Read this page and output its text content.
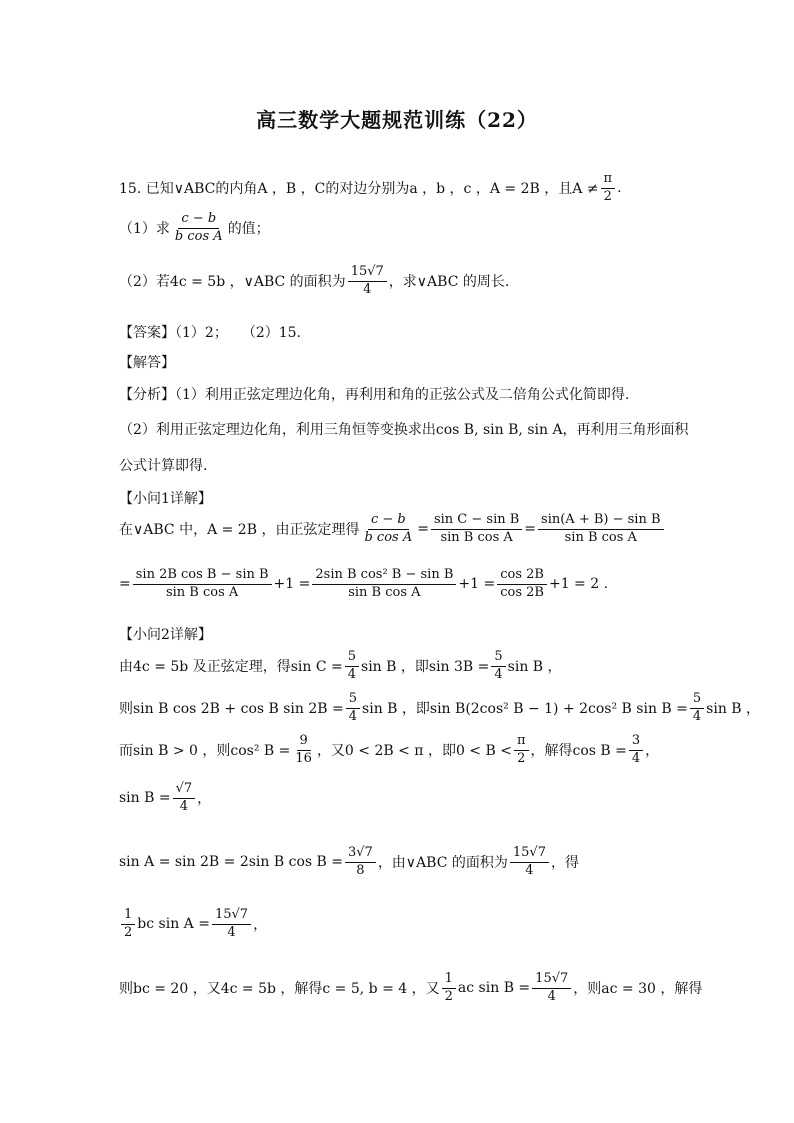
高三数学大题规范训练（22）
15. 已知∨ABC的内角A ，B ，C的对边分别为a ，b ，c ，A = 2B ，且$A \ne \frac{\pi}{2}$ .
（1）求 $\frac{c - b}{\text{b cos A}}$ 的值；
（2）若4c = 5b ，∨ABC 的面积为 $\frac{15√7}{4}$ ，求∨ABC 的周长.
【答案】（1）2；　　（2）15.
【解答】
【分析】（1）利用正弦定理边化角，再利用和角的正弦公式及二倍角公式化简即得.
（2）利用正弦定理边化角，利用三角恒等变换求出cos B, sin B, sin A，再利用三角形面积
公式计算即得.
【小问1详解】
在∨ABC 中，A = 2B ，由正弦定理得 $\frac{c - b}{\text{b cos A}} = \frac{\text{sin C − sin B}}{\text{sin B cos A}} = \frac{\text{sin(A + B) − sin B}}{\text{sin B cos A}}$
= $\frac{\text{sin 2B cos B − sin B}}{\text{sin B cos A}} +1 = \frac{\text{2sin B cos² B − sin B}}{\text{sin B cos A}} +1 = \frac{\cos 2B}{\cos 2B} +1 = 2$ .
【小问2详解】
由4c = 5b 及正弦定理，得$\sin C = \frac{5}{4}$ sin B ，即$\sin 3B = \frac{5}{4}$ sin B ，
则sin B cos 2B + cos B $\sin 2B = \frac{5}{4}$ sin B ，即sin B(2cos² B − 1) + 2cos² B $\sin B = \frac{5}{4}$ sin B ，
而sin B > 0 ，则cos² $B = \frac{9}{16}$ ，又0 < 2B < π ，即$0 < B < \frac{\pi}{2}$ ，解得$\cos B = \frac{3}{4}$ ，
$\sin B = \frac{√7}{4}$ ，
sin A = sin 2B = 2sin B $\cos B = \frac{3√7}{8}$ ，由∨ABC 的面积为 $\frac{15√7}{4}$ ，得
$\frac{1}{2}$ bc $\sin A = \frac{15√7}{4}$ ，
则bc = 20 ，又4c = 5b ，解得c = 5, b = 4 ，又 $\frac{1}{2}$ ac $\sin B = \frac{15√7}{4}$ ，则ac = 30 ，解得
